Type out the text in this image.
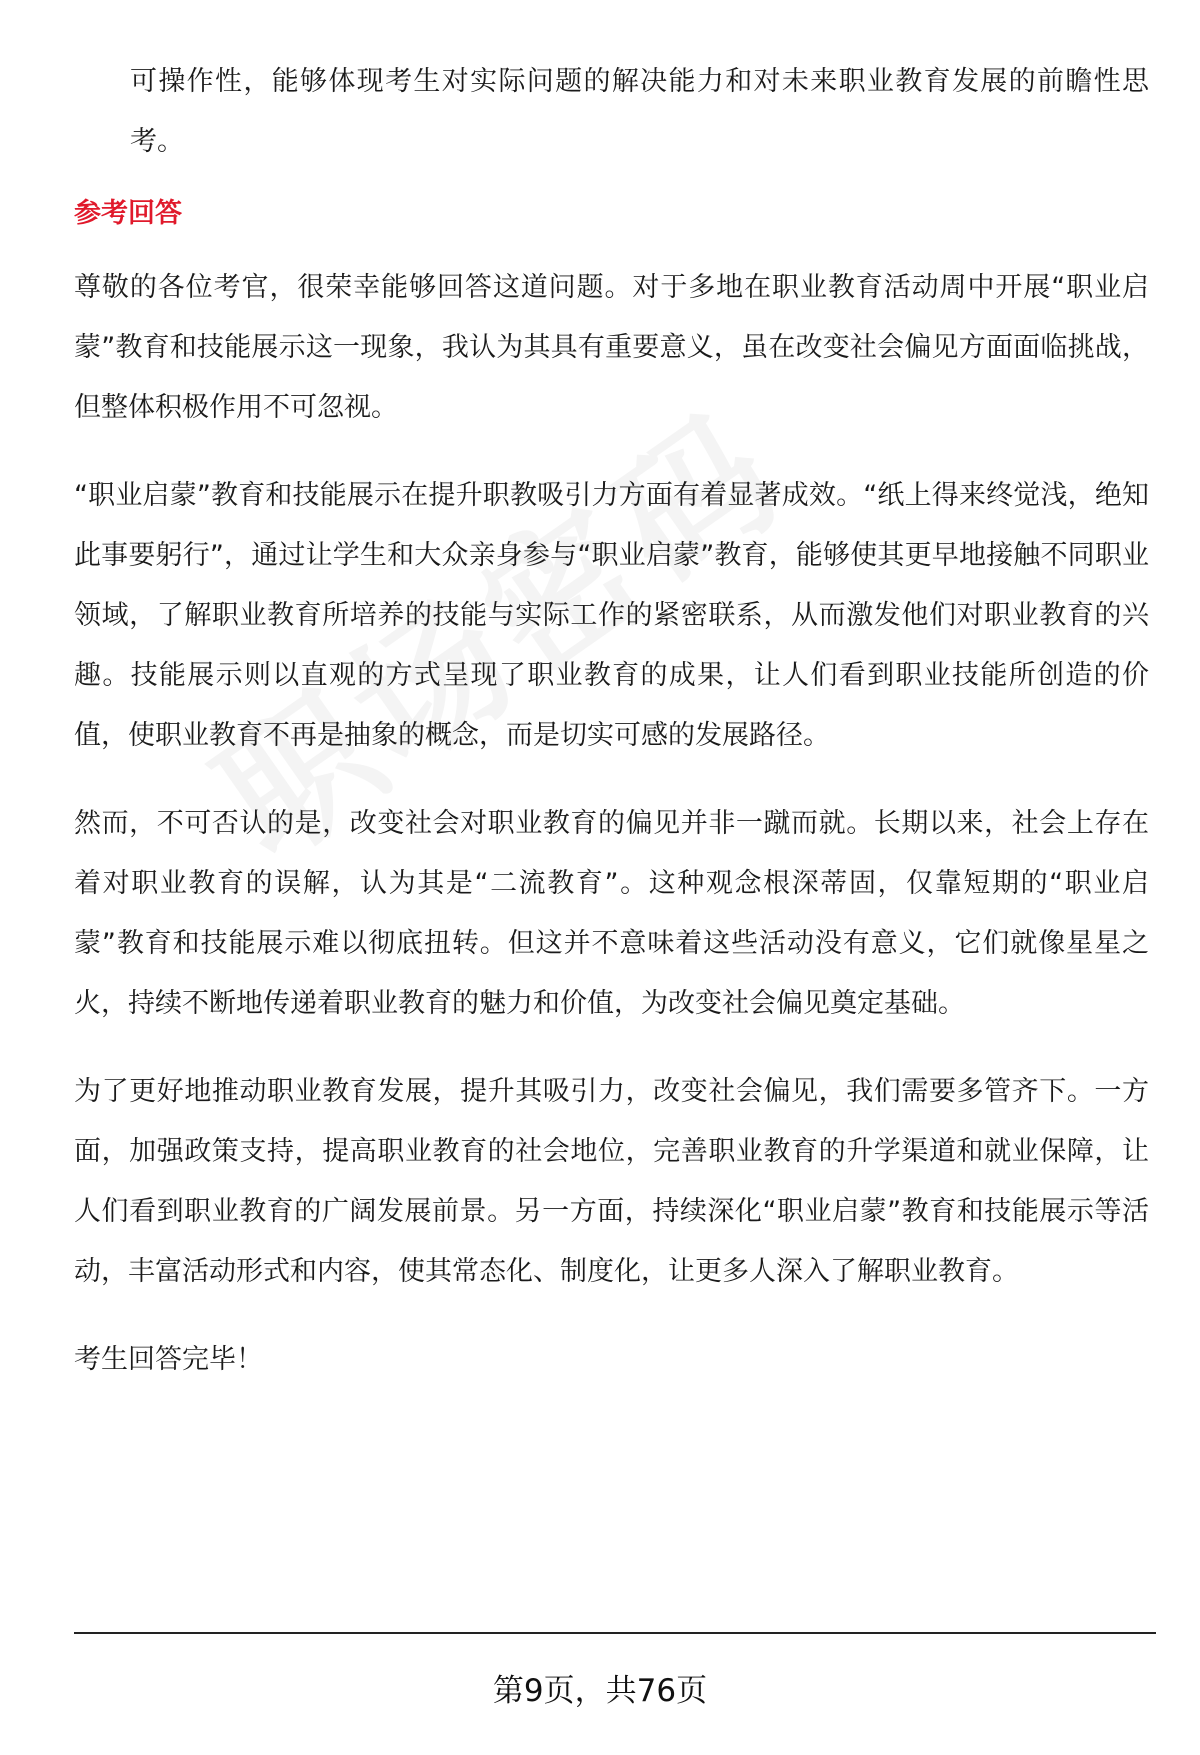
可操作性，能够体现考生对实际问题的解决能力和对未来职业教育发展的前瞻性思考。

参考回答

尊敬的各位考官，很荣幸能够回答这道问题。对于多地在职业教育活动周中开展“职业启蒙”教育和技能展示这一现象，我认为其具有重要意义，虽在改变社会偏见方面面临挑战，但整体积极作用不可忽视。

“职业启蒙”教育和技能展示在提升职教吸引力方面有着显著成效。“纸上得来终觉浅，绝知此事要躬行”，通过让学生和大众亲身参与“职业启蒙”教育，能够使其更早地接触不同职业领域，了解职业教育所培养的技能与实际工作的紧密联系，从而激发他们对职业教育的兴趣。技能展示则以直观的方式呈现了职业教育的成果，让人们看到职业技能所创造的价值，使职业教育不再是抽象的概念，而是切实可感的发展路径。

然而，不可否认的是，改变社会对职业教育的偏见并非一蹴而就。长期以来，社会上存在着对职业教育的误解，认为其是“二流教育”。这种观念根深蒂固，仅靠短期的“职业启蒙”教育和技能展示难以彻底扭转。但这并不意味着这些活动没有意义，它们就像星星之火，持续不断地传递着职业教育的魅力和价值，为改变社会偏见奠定基础。

为了更好地推动职业教育发展，提升其吸引力，改变社会偏见，我们需要多管齐下。一方面，加强政策支持，提高职业教育的社会地位，完善职业教育的升学渠道和就业保障，让人们看到职业教育的广阔发展前景。另一方面，持续深化“职业启蒙”教育和技能展示等活动，丰富活动形式和内容，使其常态化、制度化，让更多人深入了解职业教育。

考生回答完毕！

第9页，共76页
